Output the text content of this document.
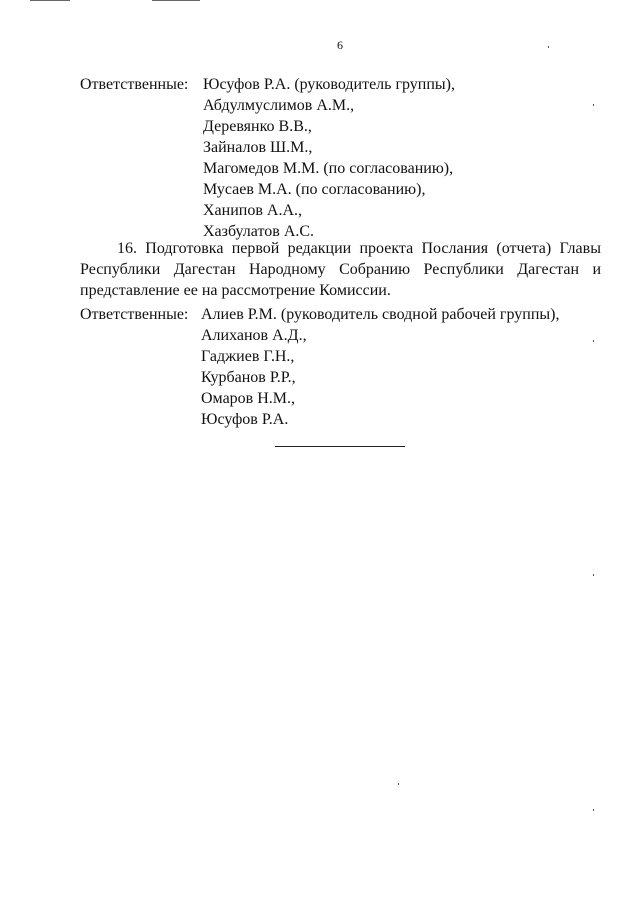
6
Ответственные: Юсуфов Р.А. (руководитель группы),
Абдулмуслимов А.М.,
Деревянко В.В.,
Зайналов Ш.М.,
Магомедов М.М. (по согласованию),
Мусаев М.А. (по согласованию),
Ханипов А.А.,
Хазбулатов А.С.
16. Подготовка первой редакции проекта Послания (отчета) Главы
Республики Дагестан Народному Собранию Республики Дагестан и
представление ее на рассмотрение Комиссии.
Ответственные: Алиев Р.М. (руководитель сводной рабочей группы),
Алиханов А.Д.,
Гаджиев Г.Н.,
Курбанов Р.Р.,
Омаров Н.М.,
Юсуфов Р.А.
